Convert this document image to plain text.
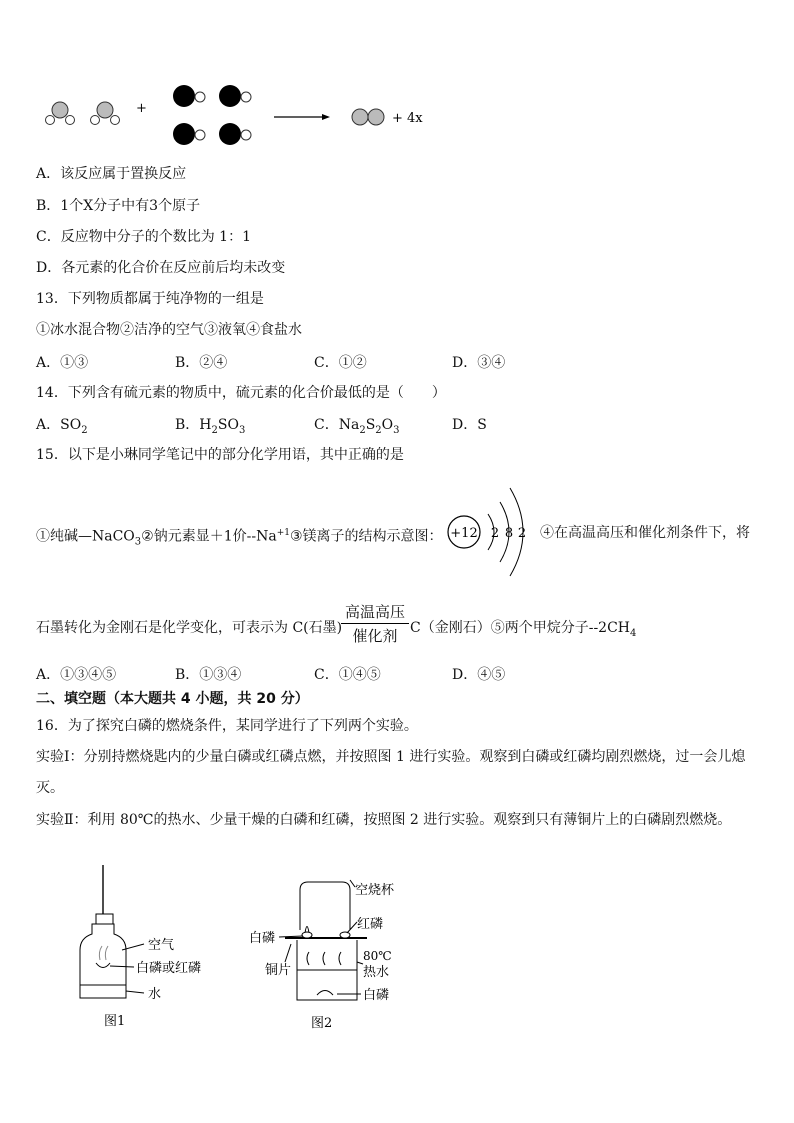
+
+ 4x
A．该反应属于置换反应
B．1个X分子中有3个原子
C．反应物中分子的个数比为 1：1
D．各元素的化合价在反应前后均未改变
13．下列物质都属于纯净物的一组是
①冰水混合物②洁净的空气③液氧④食盐水
A．①③	B．②④	C．①②	D．③④
14．下列含有硫元素的物质中，硫元素的化合价最低的是（　　）
A．$SO_2$	B．$H_2SO_3$	C．$Na_2S_2O_3$	D．S
15．以下是小琳同学笔记中的部分化学用语，其中正确的是
①纯碱—NaCO$_3$②钠元素显＋1价$--Na^{+1}③$镁离子的结构示意图： +12 2 8 2 ④在高温高压和催化剂条件下，将
石墨转化为金刚石是化学变化，可表示为 C(石墨)
高温高压
催化剂 C（金刚石）⑤两个甲烷分子$--2CH_4$
A．①③④⑤	B．①③④	C．①④⑤	D．④⑤
二、填空题（本大题共 4 小题，共 20 分）
16．为了探究白磷的燃烧条件，某同学进行了下列两个实验。
实验Ⅰ：分别持燃烧匙内的少量白磷或红磷点燃，并按照图 1 进行实验。观察到白磷或红磷均剧烈燃烧，过一会儿熄
灭。
实验Ⅱ：利用 80℃的热水、少量干燥的白磷和红磷，按照图 2 进行实验。观察到只有薄铜片上的白磷剧烈燃烧。
空气
白磷或红磷
水
图1
空烧杯
红磷
白磷
铜片
80℃
热水
白磷
图2
